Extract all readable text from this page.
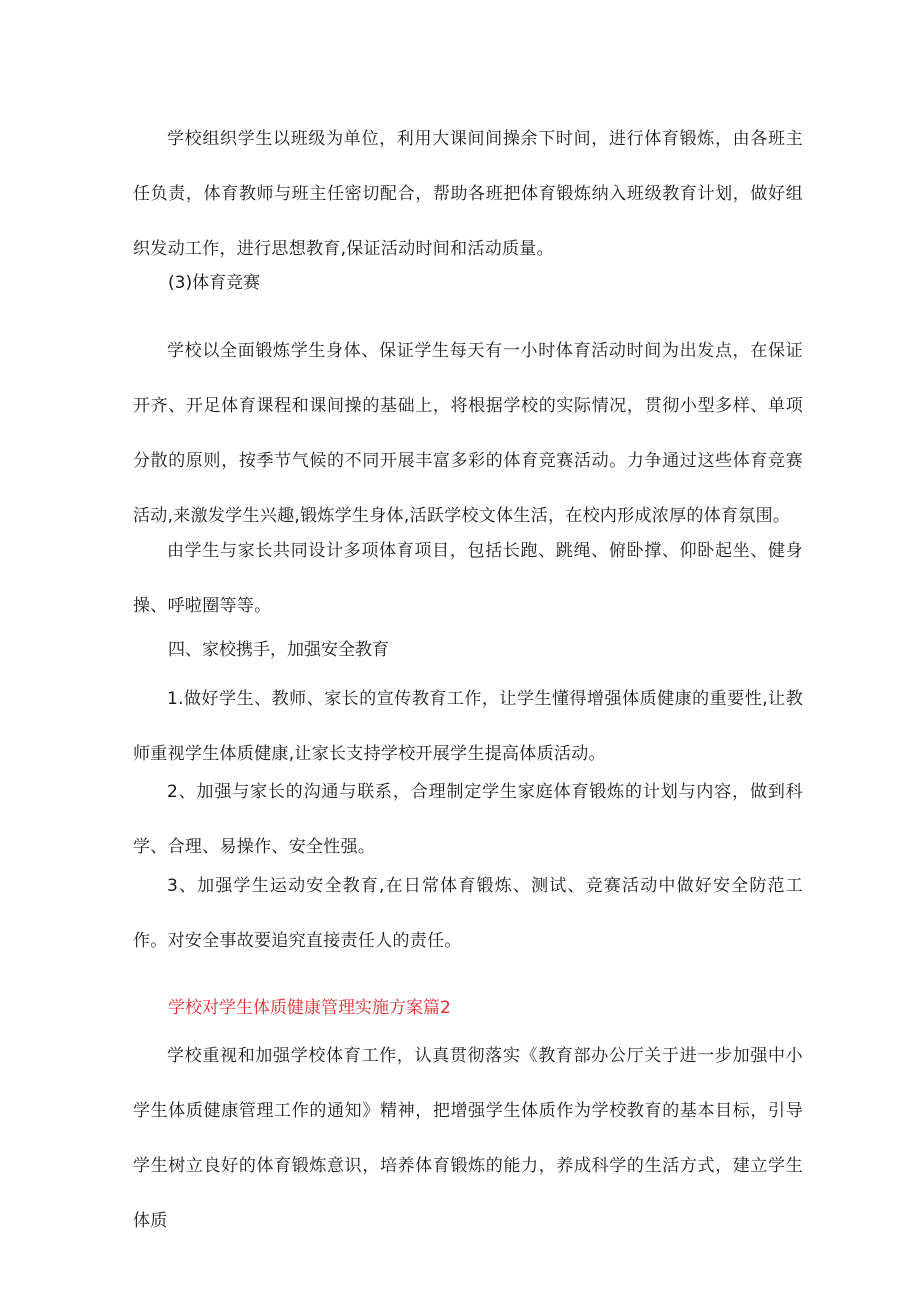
学校组织学生以班级为单位，利用大课间间操余下时间，进行体育锻炼，由各班主任负责，体育教师与班主任密切配合，帮助各班把体育锻炼纳入班级教育计划，做好组织发动工作，进行思想教育,保证活动时间和活动质量。

(3)体育竞赛

学校以全面锻炼学生身体、保证学生每天有一小时体育活动时间为出发点，在保证开齐、开足体育课程和课间操的基础上，将根据学校的实际情况，贯彻小型多样、单项分散的原则，按季节气候的不同开展丰富多彩的体育竞赛活动。力争通过这些体育竞赛活动,来激发学生兴趣,锻炼学生身体,活跃学校文体生活，在校内形成浓厚的体育氛围。

由学生与家长共同设计多项体育项目，包括长跑、跳绳、俯卧撑、仰卧起坐、健身操、呼啦圈等等。

四、家校携手，加强安全教育

1.做好学生、教师、家长的宣传教育工作，让学生懂得增强体质健康的重要性,让教师重视学生体质健康,让家长支持学校开展学生提高体质活动。

2、加强与家长的沟通与联系，合理制定学生家庭体育锻炼的计划与内容，做到科学、合理、易操作、安全性强。

3、加强学生运动安全教育,在日常体育锻炼、测试、竞赛活动中做好安全防范工作。对安全事故要追究直接责任人的责任。

学校对学生体质健康管理实施方案篇2

学校重视和加强学校体育工作，认真贯彻落实《教育部办公厅关于进一步加强中小学生体质健康管理工作的通知》精神，把增强学生体质作为学校教育的基本目标，引导学生树立良好的体育锻炼意识，培养体育锻炼的能力，养成科学的生活方式，建立学生体质
